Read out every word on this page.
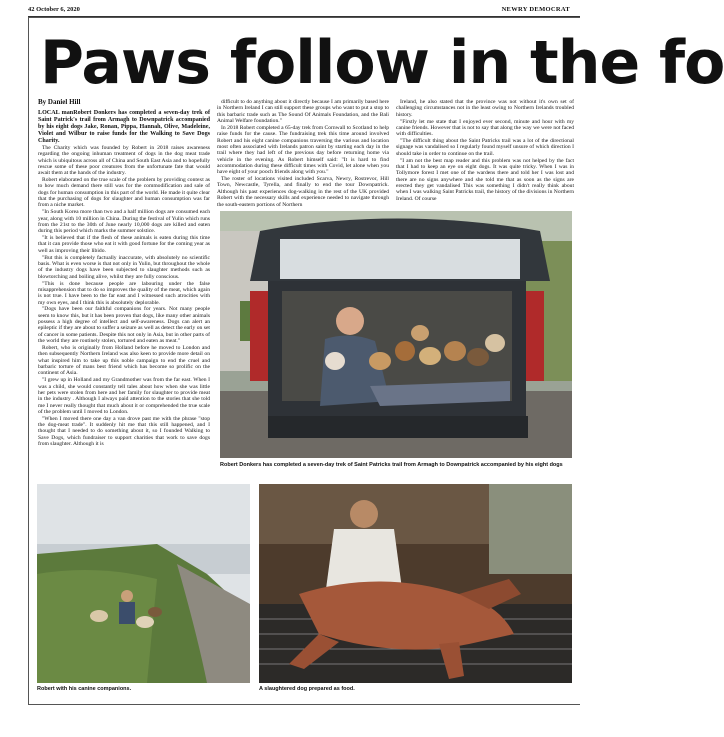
42 October 6, 2020	NEWRY DEMOCRAT
Paws follow in the fo
By Daniel Hill

LOCAL manRobert Donkers has completed a seven-day trek of Saint Patrick's trail from Armagh to Downpatrick accompanied by his eight dogs Jake, Ronan, Pippa, Hannah, Olive, Madeleine, Violet and Wilbur to raise funds for the Walking to Save Dogs Charity.

The Charity which was founded by Robert in 2018 raises awareness regarding the ongoing inhuman treatment of dogs in the dog meat trade which is ubiquitous across all of China and South East Asia and to hopefully rescue some of these poor creatures from the unfortunate fate that would await them at the hands of the industry.

Robert elaborated on the true scale of the problem by providing context as to how much demand there still was for the commodification and sale of dogs for human consumption in this part of the world. He made it quite clear that the purchasing of dogs for slaughter and human consumption was far from a niche market.

"In South Korea more than two and a half million dogs are consumed each year, along with 10 million in China. During the festival of Yulin which runs from the 21st to the 30th of June nearly 10,000 dogs are killed and eaten during this period which marks the summer solstice.

"It is believed that if the flesh of these animals is eaten during this time that it can provide those who eat it with good fortune for the coming year as well as improving their libido.

"But this is completely factually inaccurate, with absolutely no scientific basis. What is even worse is that not only in Yulin, but throughout the whole of the industry dogs have been subjected to slaughter methods such as blowtorching and boiling alive, whilst they are fully conscious.

"This is done because people are labouring under the false misapprehension that to do so improves the quality of the meat, which again is not true. I have been to the far east and I witnessed such atrocities with my own eyes, and I think this is absolutely deplorable.

"Dogs have been our faithful companions for years. Not many people seem to know this, but it has been proven that dogs, like many other animals possess a high degree of intellect and self-awareness. Dogs can alert an epileptic if they are about to suffer a seizure as well as detect the early on set of cancer in some patients. Despite this not only in Asia, but in other parts of the world they are routinely stolen, tortured and eaten as meat."

Robert, who is originally from Holland before he moved to London and then subsequently Northern Ireland was also keen to provide more detail on what inspired him to take up this noble campaign to end the cruel and barbaric torture of mans best friend which has become so prolific on the continent of Asia.

"I grew up in Holland and my Grandmother was from the far east. When I was a child, she would constantly tell tales about how when she was little her pets were stolen from here and her family for slaughter to provide meat in the industry . Although I always paid attention to the stories that she told me I never really thought that much about it or comprehended the true scale of the problem until I moved to London.

"When I moved there one day a van drove past me with the phrase "stop the dog-meat trade". It suddenly hit me that this still happened, and I thought that I needed to do something about it, so I founded Walking to Save Dogs, which fundraiser to support charities that work to save dogs from slaughter. Although it is

difficult to do anything about it directly because I am primarily based here in Northern Ireland I can still support these groups who want to put a stop to this barbaric trade such as The Sound Of Animals Foundation, and the Bali Animal Welfare foundation."

In 2018 Robert completed a 65-day trek from Cornwall to Scotland to help raise funds for the cause. The fundraising trek this time around involved Robert and his eight canine companions traversing the various and location most often associated with Irelands patron saint by starting each day in the trail where they had left of the previous day before returning home via vehicle in the evening. As Robert himself said: "It is hard to find accommodation during these difficult times with Covid, let alone when you have eight of your pooch friends along with you."

The roster of locations visited included Scarva, Newry, Rostrevor, Hill Town, Newcastle, Tyrella, and finally to end the tour Downpatrick. Although his past experiences dog-walking in the rest of the UK provided Robert with the necessary skills and experience needed to navigate through the south-eastern portions of Northern

Ireland, he also stated that the province was not without it's own set of challenging circumstances not in the least owing to Northern Irelands troubled history.

"Firstly let me state that I enjoyed ever second, minute and hour with my canine friends. However that is not to say that along the way we were not faced with difficulties.

"The difficult thing about the Saint Patricks trail was a lot of the directional signage was vandalised so I regularly found myself unsure of which direction I should take in order to continue on the trail.

"I am not the best map reader and this problem was not helped by the fact that I had to keep an eye on eight dogs. It was quite tricky. When I was in Tollymore forest I met one of the wardens there and told her I was lost and there are no signs anywhere and she told me that as soon as the signs are erected they get vandalised This was something I didn't really think about when I was walking Saint Patricks trail, the history of the divisions in Northern Ireland. Of course

Robert Donkers has completed a seven-day trek of Saint Patricks trail from Armagh to Downpatrick accompanied by his eight dogs
Robert with his canine companions.	A slaughtered dog prepared as food.
